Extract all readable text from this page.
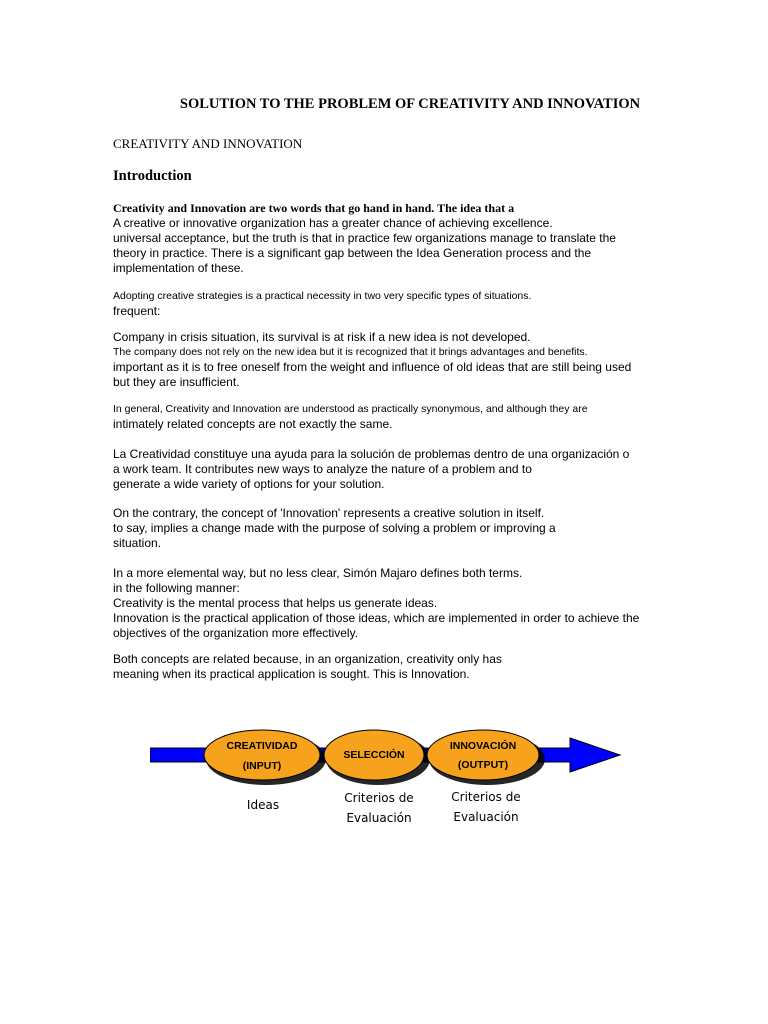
SOLUTION TO THE PROBLEM OF CREATIVITY AND INNOVATION
CREATIVITY AND INNOVATION
Introduction
Creativity and Innovation are two words that go hand in hand. The idea that a
A creative or innovative organization has a greater chance of achieving excellence.
universal acceptance, but the truth is that in practice few organizations manage to translate the
theory in practice. There is a significant gap between the Idea Generation process and the
implementation of these.
Adopting creative strategies is a practical necessity in two very specific types of situations.
frequent:
Company in crisis situation, its survival is at risk if a new idea is not developed.
The company does not rely on the new idea but it is recognized that it brings advantages and benefits.
important as it is to free oneself from the weight and influence of old ideas that are still being used
but they are insufficient.
In general, Creativity and Innovation are understood as practically synonymous, and although they are
intimately related concepts are not exactly the same.
La Creatividad constituye una ayuda para la solución de problemas dentro de una organización o
a work team. It contributes new ways to analyze the nature of a problem and to
generate a wide variety of options for your solution.
On the contrary, the concept of 'Innovation' represents a creative solution in itself.
to say, implies a change made with the purpose of solving a problem or improving a
situation.
In a more elemental way, but no less clear, Simón Majaro defines both terms.
in the following manner:
Creativity is the mental process that helps us generate ideas.
Innovation is the practical application of those ideas, which are implemented in order to achieve the
objectives of the organization more effectively.
Both concepts are related because, in an organization, creativity only has
meaning when its practical application is sought. This is Innovation.
CREATIVIDAD
(INPUT)
Ideas
SELECCIÓN
Criterios de
Evaluación
INNOVACIÓN
(OUTPUT)
Criterios de
Evaluación
